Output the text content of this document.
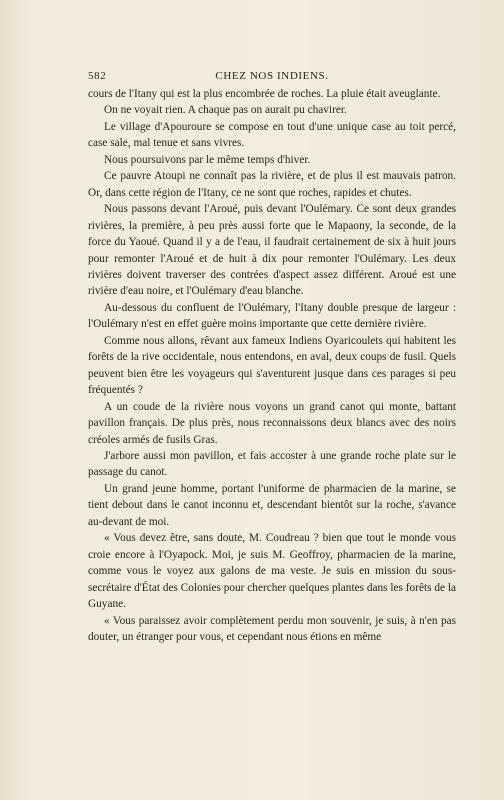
582	CHEZ NOS INDIENS.

cours de l'Itany qui est la plus encombrée de roches. La pluie était aveuglante.

On ne voyait rien. A chaque pas on aurait pu chavirer.

Le village d'Apouroure se compose en tout d'une unique case au toit percé, case sale, mal tenue et sans vivres.

Nous poursuivons par le même temps d'hiver.

Ce pauvre Atoupi ne connaît pas la rivière, et de plus il est mauvais patron. Or, dans cette région de l'Itany, ce ne sont que roches, rapides et chutes.

Nous passons devant l'Aroué, puis devant l'Oulémary. Ce sont deux grandes rivières, la première, à peu près aussi forte que le Mapaony, la seconde, de la force du Yaoué. Quand il y a de l'eau, il faudrait certainement de six à huit jours pour remonter l'Aroué et de huit à dix pour remonter l'Oulémary. Les deux rivières doivent traverser des contrées d'aspect assez différent. Aroué est une rivière d'eau noire, et l'Oulémary d'eau blanche.

Au-dessous du confluent de l'Oulémary, l'Itany double presque de largeur : l'Oulémary n'est en effet guère moins importante que cette dernière rivière.

Comme nous allons, rêvant aux fameux Indiens Oyaricoulets qui habitent les forêts de la rive occidentale, nous entendons, en aval, deux coups de fusil. Quels peuvent bien être les voyageurs qui s'aventurent jusque dans ces parages si peu fréquentés ?

A un coude de la rivière nous voyons un grand canot qui monte, battant pavillon français. De plus près, nous reconnaissons deux blancs avec des noirs créoles armés de fusils Gras.

J'arbore aussi mon pavillon, et fais accoster à une grande roche plate sur le passage du canot.

Un grand jeune homme, portant l'uniforme de pharmacien de la marine, se tient debout dans le canot inconnu et, descendant bientôt sur la roche, s'avance au-devant de moi.

« Vous devez être, sans doute, M. Coudreau ? bien que tout le monde vous croie encore à l'Oyapock. Moi, je suis M. Geoffroy, pharmacien de la marine, comme vous le voyez aux galons de ma veste. Je suis en mission du sous-secrétaire d'État des Colonies pour chercher quelques plantes dans les forêts de la Guyane.

« Vous paraissez avoir complètement perdu mon souvenir, je suis, à n'en pas douter, un étranger pour vous, et cependant nous étions en même
